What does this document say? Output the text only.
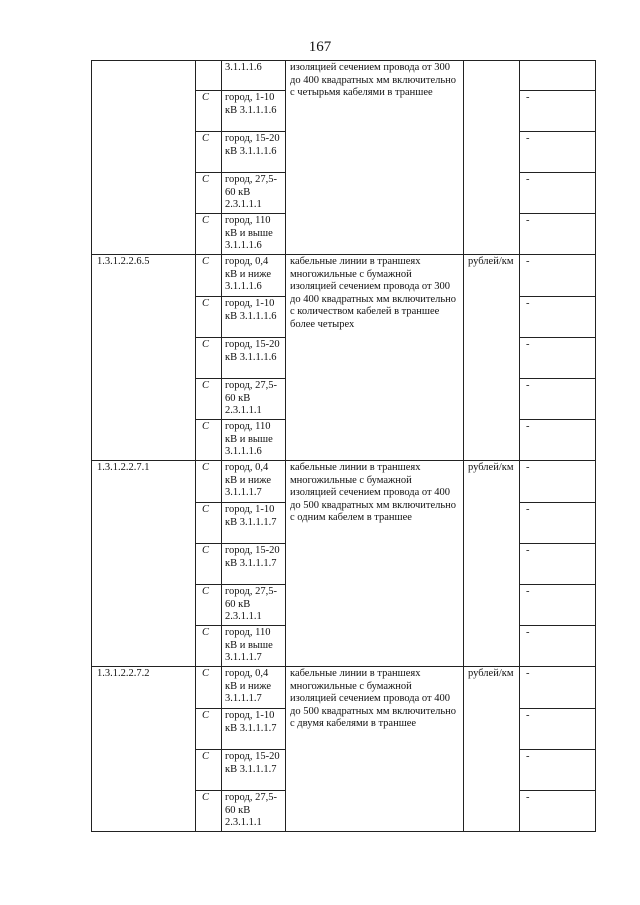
167
		3.1.1.1.6	изоляцией сечением провода от 300 до 400 квадратных мм включительно с четырьмя кабелями в траншее		
	С	город, 1-10 кВ 3.1.1.1.6			-
	С	город, 15-20 кВ 3.1.1.1.6			-
	С	город, 27,5-60 кВ 2.3.1.1.1			-
	С	город, 110 кВ и выше 3.1.1.1.6			-
1.3.1.2.2.6.5	С	город, 0,4 кВ и ниже 3.1.1.1.6	кабельные линии в траншеях многожильные с бумажной изоляцией сечением провода от 300 до 400 квадратных мм включительно с количеством кабелей в траншее более четырех	рублей/км	-
	С	город, 1-10 кВ 3.1.1.1.6			-
	С	город, 15-20 кВ 3.1.1.1.6			-
	С	город, 27,5-60 кВ 2.3.1.1.1			-
	С	город, 110 кВ и выше 3.1.1.1.6			-
1.3.1.2.2.7.1	С	город, 0,4 кВ и ниже 3.1.1.1.7	кабельные линии в траншеях многожильные с бумажной изоляцией сечением провода от 400 до 500 квадратных мм включительно с одним кабелем в траншее	рублей/км	-
	С	город, 1-10 кВ 3.1.1.1.7			-
	С	город, 15-20 кВ 3.1.1.1.7			-
	С	город, 27,5-60 кВ 2.3.1.1.1			-
	С	город, 110 кВ и выше 3.1.1.1.7			-
1.3.1.2.2.7.2	С	город, 0,4 кВ и ниже 3.1.1.1.7	кабельные линии в траншеях многожильные с бумажной изоляцией сечением провода от 400 до 500 квадратных мм включительно с двумя кабелями в траншее	рублей/км	-
	С	город, 1-10 кВ 3.1.1.1.7			-
	С	город, 15-20 кВ 3.1.1.1.7			-
	С	город, 27,5-60 кВ 2.3.1.1.1			-
